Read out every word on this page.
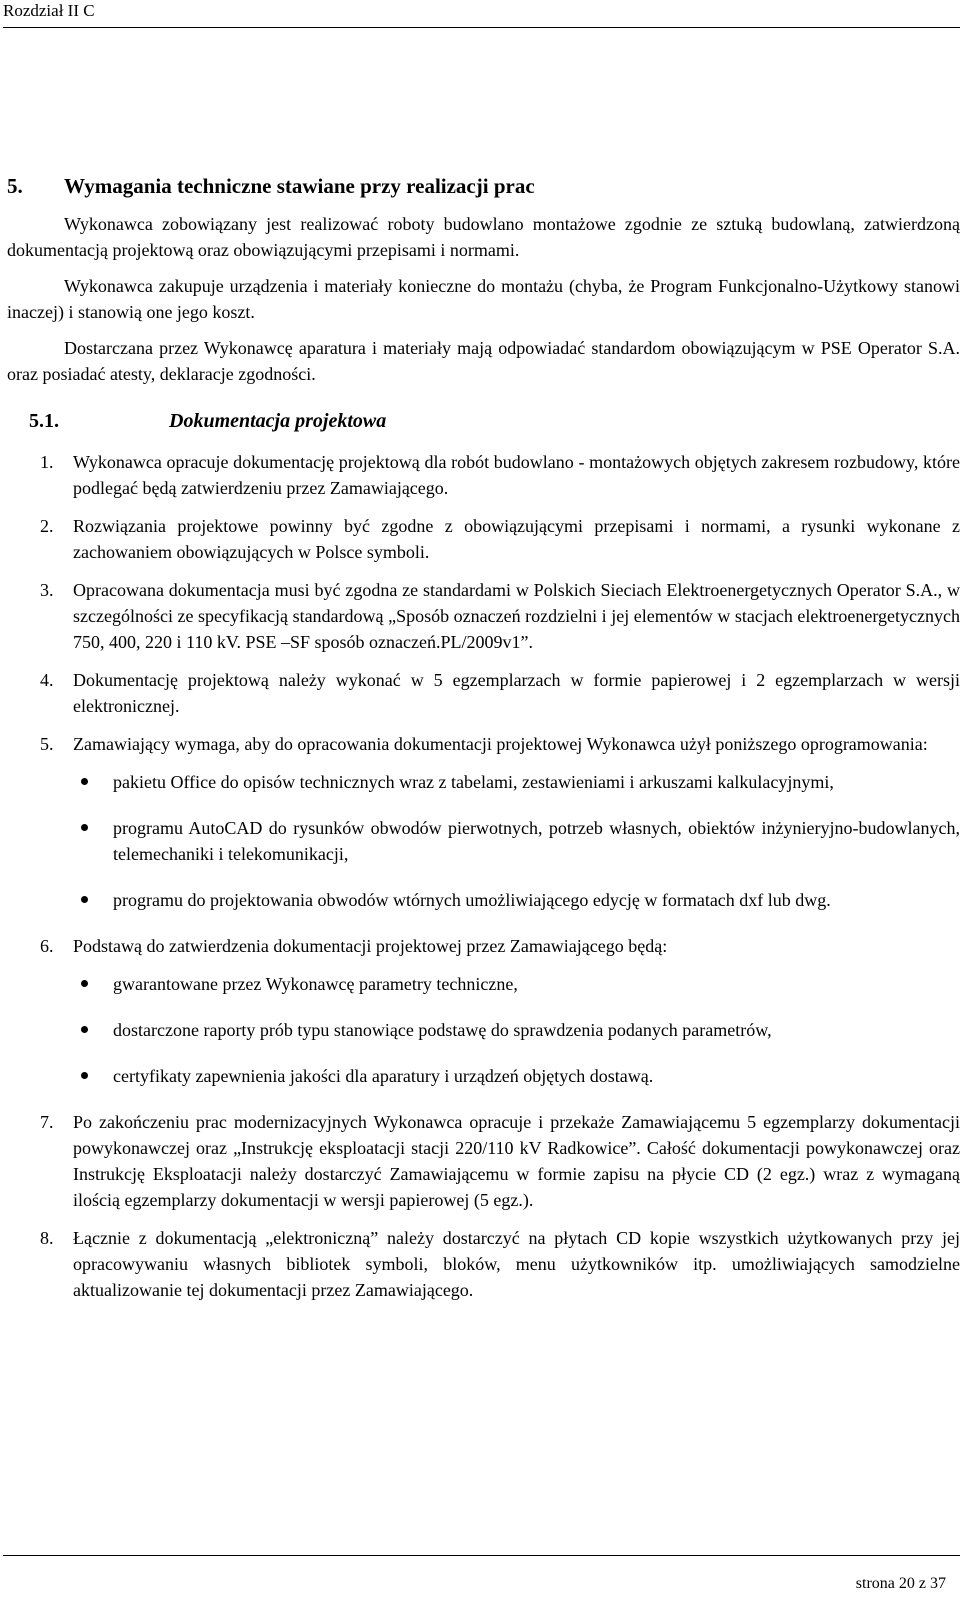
Rozdział II C
5.	Wymagania techniczne stawiane przy realizacji prac

Wykonawca zobowiązany jest realizować roboty budowlano montażowe zgodnie ze sztuką budowlaną, zatwierdzoną dokumentacją projektową oraz obowiązującymi przepisami i normami.

Wykonawca zakupuje urządzenia i materiały konieczne do montażu (chyba, że Program Funkcjonalno-Użytkowy stanowi inaczej) i stanowią one jego koszt.

Dostarczana przez Wykonawcę aparatura i materiały mają odpowiadać standardom obowiązującym w PSE Operator S.A. oraz posiadać atesty, deklaracje zgodności.

5.1.	Dokumentacja projektowa
1.	Wykonawca opracuje dokumentację projektową dla robót budowlano - montażowych objętych zakresem rozbudowy, które podlegać będą zatwierdzeniu przez Zamawiającego.
2.	Rozwiązania projektowe powinny być zgodne z obowiązującymi przepisami i normami, a rysunki wykonane z zachowaniem obowiązujących w Polsce symboli.
3.	Opracowana dokumentacja musi być zgodna ze standardami w Polskich Sieciach Elektroenergetycznych Operator S.A., w szczególności ze specyfikacją standardową „Sposób oznaczeń rozdzielni i jej elementów w stacjach elektroenergetycznych 750, 400, 220 i 110 kV. PSE –SF sposób oznaczeń.PL/2009v1”.
4.	Dokumentację projektową należy wykonać w 5 egzemplarzach w formie papierowej i 2 egzemplarzach w wersji elektronicznej.
5.	Zamawiający wymaga, aby do opracowania dokumentacji projektowej Wykonawca użył poniższego oprogramowania:
pakietu Office do opisów technicznych wraz z tabelami, zestawieniami i arkuszami kalkulacyjnymi,
programu AutoCAD do rysunków obwodów pierwotnych, potrzeb własnych, obiektów inżynieryjno-budowlanych, telemechaniki i telekomunikacji,
programu do projektowania obwodów wtórnych umożliwiającego edycję w formatach dxf lub dwg.
6.	Podstawą do zatwierdzenia dokumentacji projektowej przez Zamawiającego będą:
gwarantowane przez Wykonawcę parametry techniczne,
dostarczone raporty prób typu stanowiące podstawę do sprawdzenia podanych parametrów,
certyfikaty zapewnienia jakości dla aparatury i urządzeń objętych dostawą.
7.	Po zakończeniu prac modernizacyjnych Wykonawca opracuje i przekaże Zamawiającemu 5 egzemplarzy dokumentacji powykonawczej oraz „Instrukcję eksploatacji stacji 220/110 kV Radkowice”. Całość dokumentacji powykonawczej oraz Instrukcję Eksploatacji należy dostarczyć Zamawiającemu w formie zapisu na płycie CD (2 egz.) wraz z wymaganą ilością egzemplarzy dokumentacji w wersji papierowej (5 egz.).
8.	Łącznie z dokumentacją „elektroniczną” należy dostarczyć na płytach CD kopie wszystkich użytkowanych przy jej opracowywaniu własnych bibliotek symboli, bloków, menu użytkowników itp. umożliwiających samodzielne aktualizowanie tej dokumentacji przez Zamawiającego.
strona 20 z 37
